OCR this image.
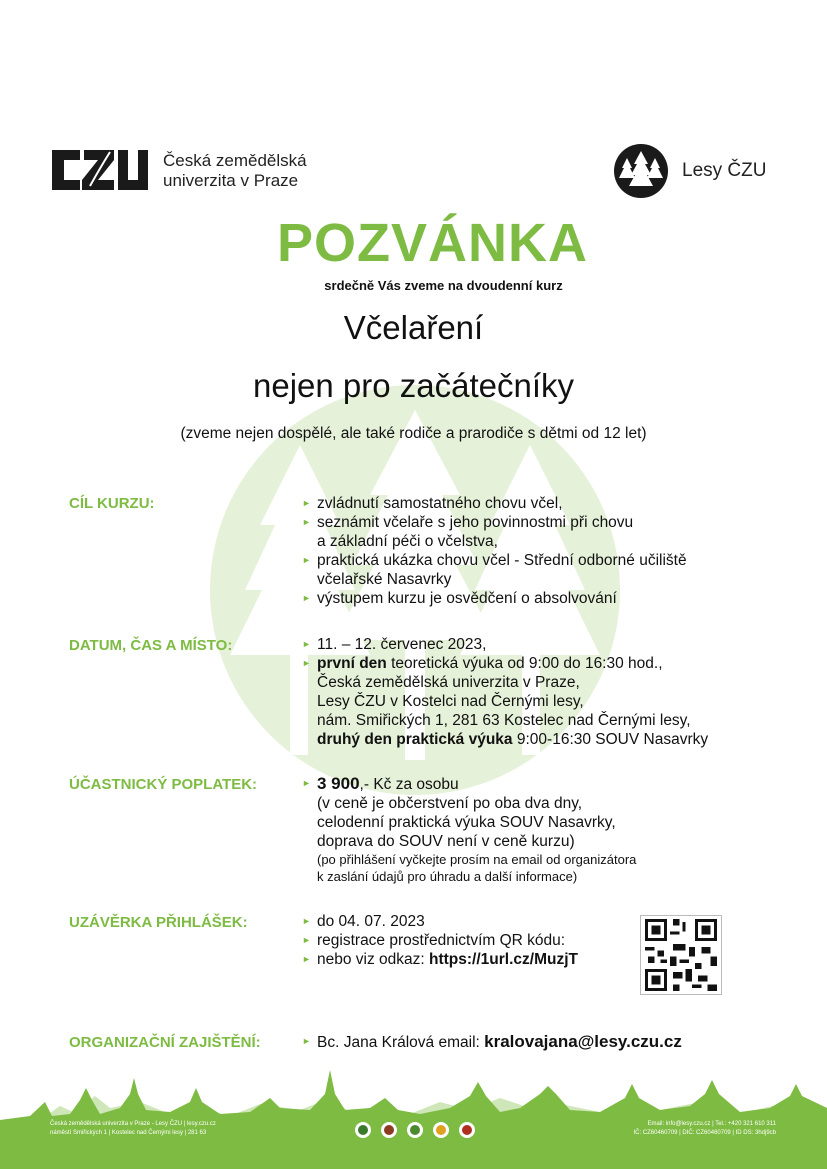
Česká zemědělská
univerzita v Praze	Lesy ČZU
POZVÁNKA
srdečně Vás zveme na dvoudenní kurz
Včelaření
nejen pro začátečníky
(zveme nejen dospělé, ale také rodiče a prarodiče s dětmi od 12 let)
CÍL KURZU:	► zvládnutí samostatného chovu včel,
► seznámit včelaře s jeho povinnostmi při chovu
a základní péči o včelstva,
► praktická ukázka chovu včel - Střední odborné učiliště
včelařské Nasavrky
► výstupem kurzu je osvědčení o absolvování
DATUM, ČAS A MÍSTO:	► 11. – 12. červenec 2023,
► první den teoretická výuka od 9:00 do 16:30 hod.,
Česká zemědělská univerzita v Praze,
Lesy ČZU v Kostelci nad Černými lesy,
nám. Smiřických 1, 281 63 Kostelec nad Černými lesy,
druhý den praktická výuka 9:00-16:30 SOUV Nasavrky
ÚČASTNICKÝ POPLATEK:	► 3 900,- Kč za osobu
(v ceně je občerstvení po oba dva dny,
celodenní praktická výuka SOUV Nasavrky,
doprava do SOUV není v ceně kurzu)
(po přihlášení vyčkejte prosím na email od organizátora
k zaslání údajů pro úhradu a další informace)
UZÁVĚRKA PŘIHLÁŠEK:	► do 04. 07. 2023
► registrace prostřednictvím QR kódu:
► nebo viz odkaz: https://1url.cz/MuzjT
ORGANIZAČNÍ ZAJIŠTĚNÍ:	► Bc. Jana Králová email: kralovajana@lesy.czu.cz
Česká zemědělská univerzita v Praze - Lesy ČZU | lesy.czu.cz
náměstí Smiřických 1 | Kostelec nad Černými lesy | 281 63
Email: info@lesy.czu.cz | Tel.: +420 321 610 311
IČ: CZ60460709 | DIČ: CZ60460709 | ID DS: 3hdj9cb
